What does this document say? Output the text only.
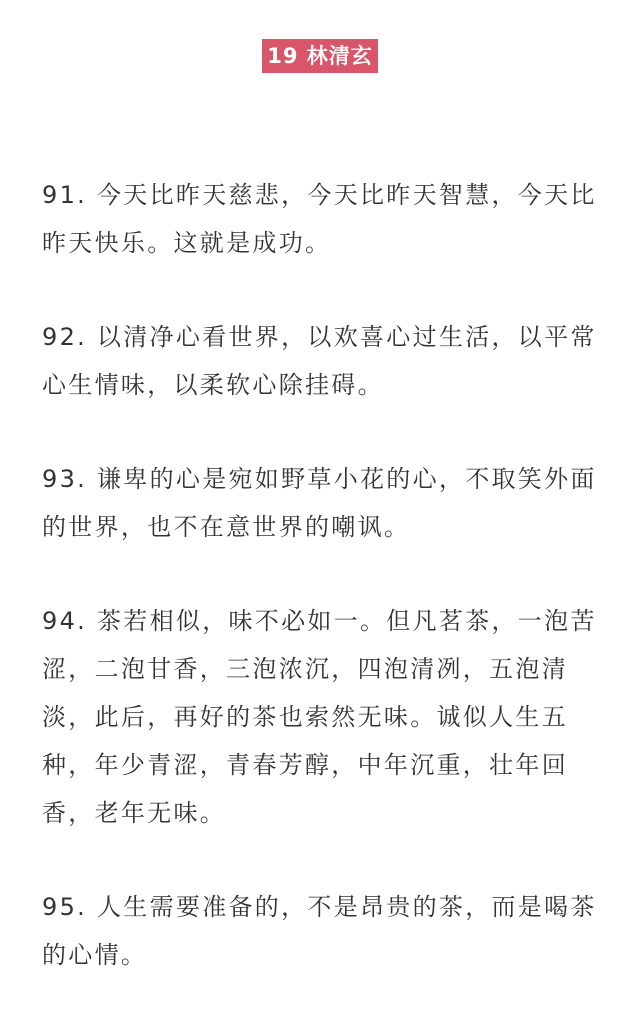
19 林清玄

91. 今天比昨天慈悲，今天比昨天智慧，今天比昨天快乐。这就是成功。

92. 以清净心看世界，以欢喜心过生活，以平常心生情味，以柔软心除挂碍。

93. 谦卑的心是宛如野草小花的心，不取笑外面的世界，也不在意世界的嘲讽。

94. 茶若相似，味不必如一。但凡茗茶，一泡苦涩，二泡甘香，三泡浓沉，四泡清冽，五泡清淡，此后，再好的茶也索然无味。诚似人生五种，年少青涩，青春芳醇，中年沉重，壮年回香，老年无味。

95. 人生需要准备的，不是昂贵的茶，而是喝茶的心情。
